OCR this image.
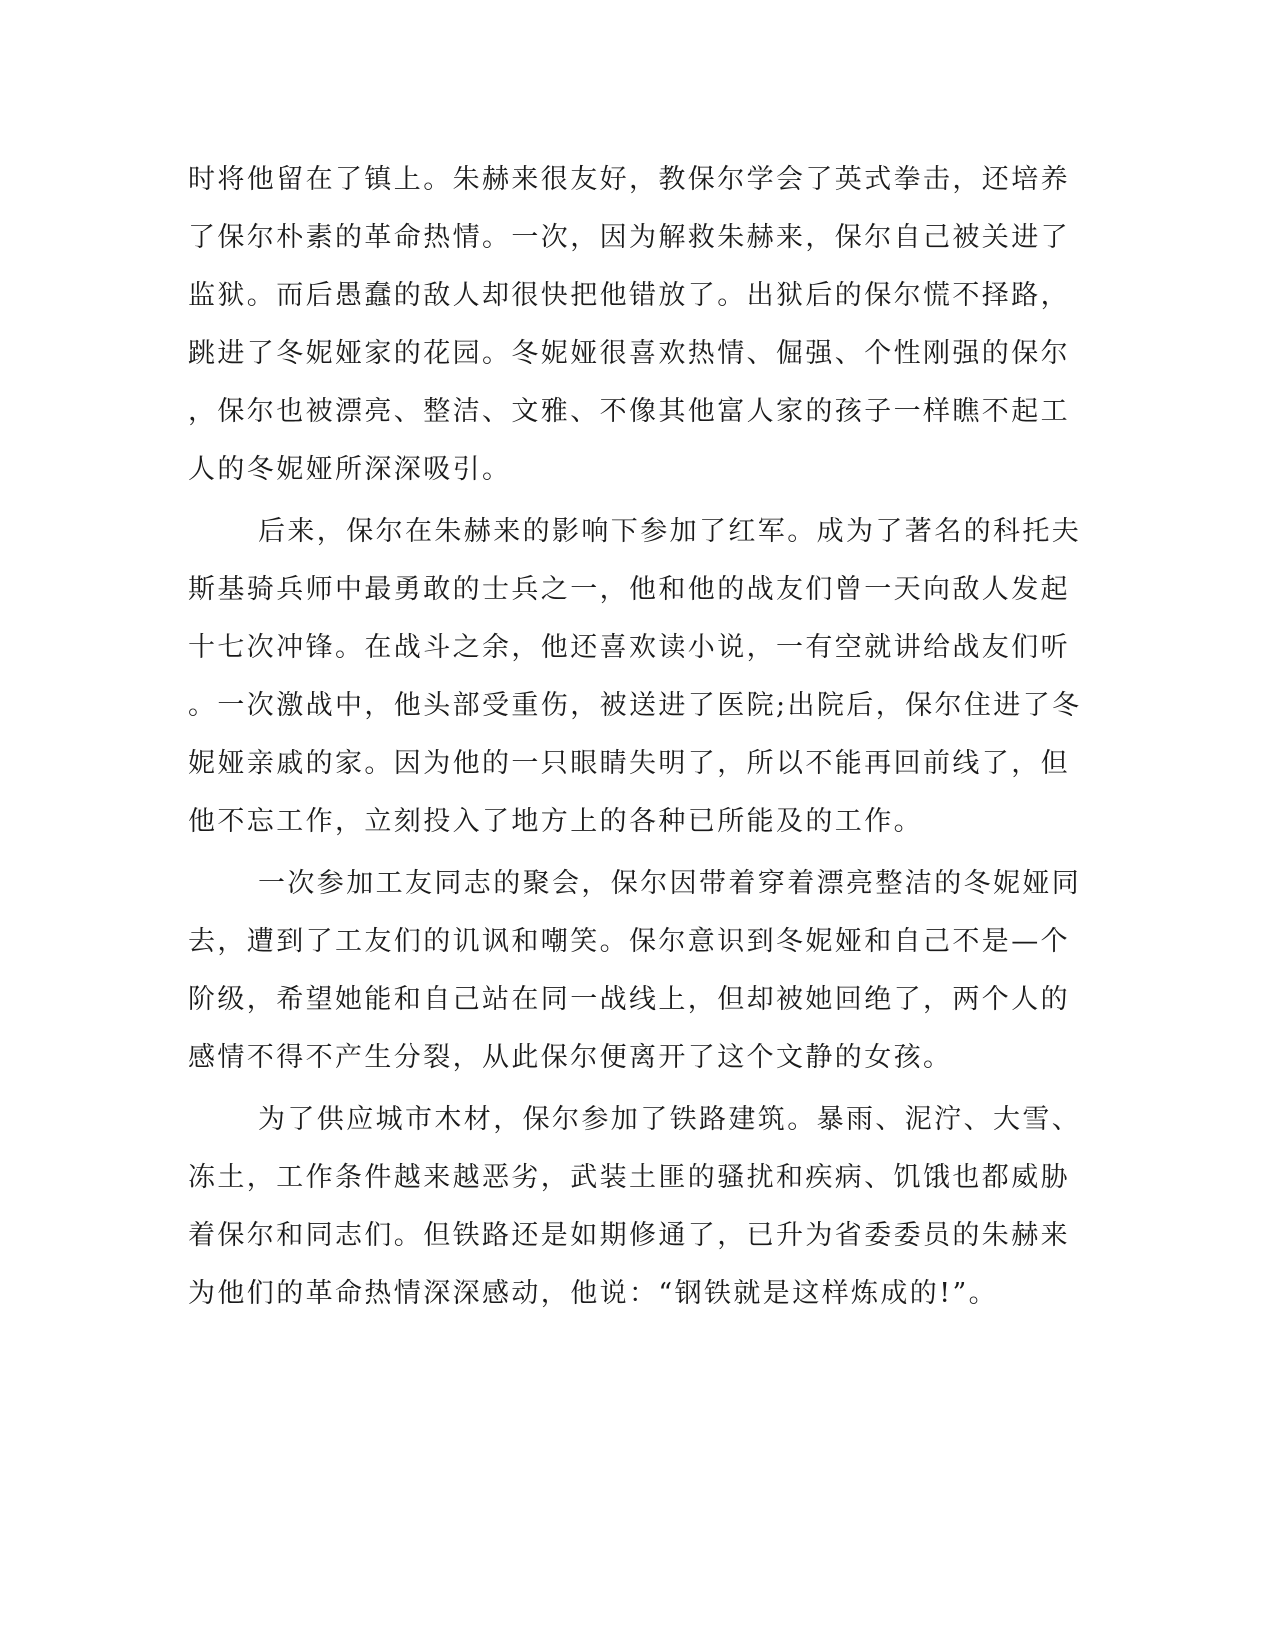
时将他留在了镇上。朱赫来很友好，教保尔学会了英式拳击，还培养
了保尔朴素的革命热情。一次，因为解救朱赫来，保尔自己被关进了
监狱。而后愚蠢的敌人却很快把他错放了。出狱后的保尔慌不择路，
跳进了冬妮娅家的花园。冬妮娅很喜欢热情、倔强、个性刚强的保尔
，保尔也被漂亮、整洁、文雅、不像其他富人家的孩子一样瞧不起工
人的冬妮娅所深深吸引。
后来，保尔在朱赫来的影响下参加了红军。成为了著名的科托夫
斯基骑兵师中最勇敢的士兵之一，他和他的战友们曾一天向敌人发起
十七次冲锋。在战斗之余，他还喜欢读小说，一有空就讲给战友们听
。一次激战中，他头部受重伤，被送进了医院;出院后，保尔住进了冬
妮娅亲戚的家。因为他的一只眼睛失明了，所以不能再回前线了，但
他不忘工作，立刻投入了地方上的各种已所能及的工作。
一次参加工友同志的聚会，保尔因带着穿着漂亮整洁的冬妮娅同
去，遭到了工友们的讥讽和嘲笑。保尔意识到冬妮娅和自己不是—个
阶级，希望她能和自己站在同一战线上，但却被她回绝了，两个人的
感情不得不产生分裂，从此保尔便离开了这个文静的女孩。
为了供应城市木材，保尔参加了铁路建筑。暴雨、泥泞、大雪、
冻土，工作条件越来越恶劣，武装土匪的骚扰和疾病、饥饿也都威胁
着保尔和同志们。但铁路还是如期修通了，已升为省委委员的朱赫来
为他们的革命热情深深感动，他说：“钢铁就是这样炼成的!”。
